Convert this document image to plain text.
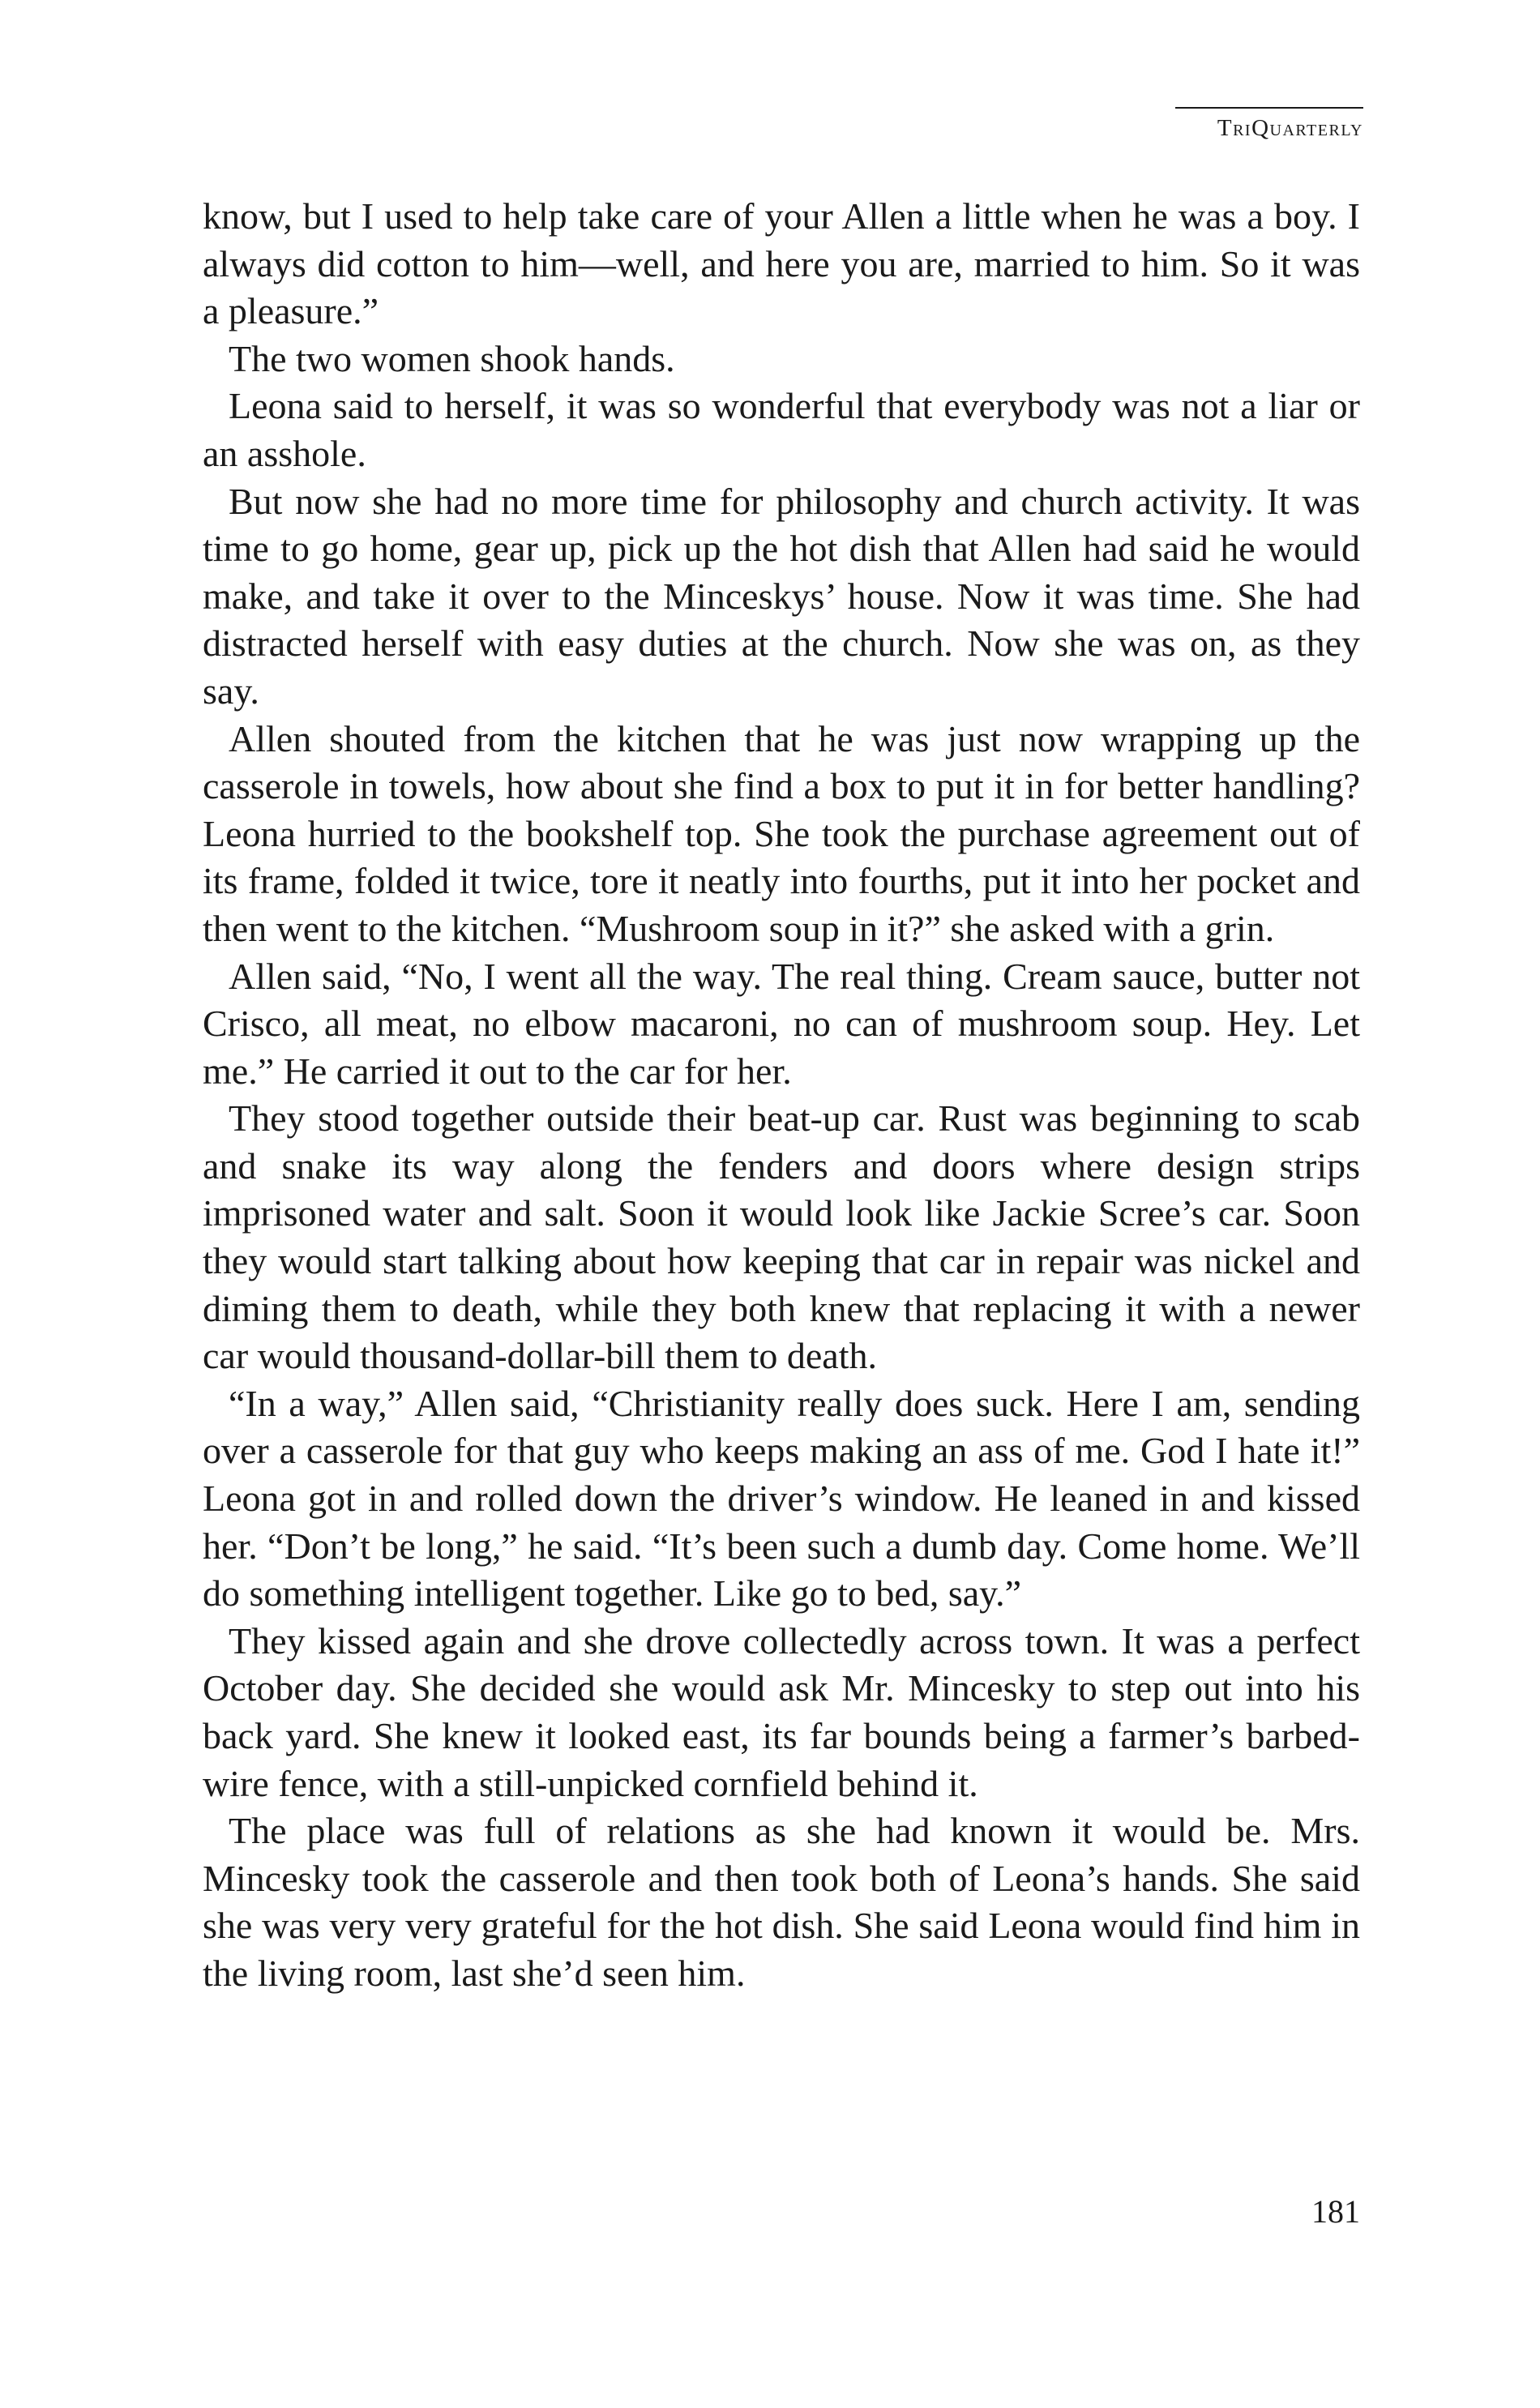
TriQuarterly

know, but I used to help take care of your Allen a little when he was a boy. I always did cotton to him—well, and here you are, married to him. So it was a pleasure.”

The two women shook hands.

Leona said to herself, it was so wonderful that everybody was not a liar or an asshole.

But now she had no more time for philosophy and church activity. It was time to go home, gear up, pick up the hot dish that Allen had said he would make, and take it over to the Minceskys’ house. Now it was time. She had distracted herself with easy duties at the church. Now she was on, as they say.

Allen shouted from the kitchen that he was just now wrapping up the casserole in towels, how about she find a box to put it in for better handling? Leona hurried to the bookshelf top. She took the purchase agreement out of its frame, folded it twice, tore it neatly into fourths, put it into her pocket and then went to the kitchen. “Mushroom soup in it?” she asked with a grin.

Allen said, “No, I went all the way. The real thing. Cream sauce, butter not Crisco, all meat, no elbow macaroni, no can of mushroom soup. Hey. Let me.” He carried it out to the car for her.

They stood together outside their beat-up car. Rust was beginning to scab and snake its way along the fenders and doors where design strips imprisoned water and salt. Soon it would look like Jackie Scree’s car. Soon they would start talking about how keeping that car in repair was nickel and diming them to death, while they both knew that replacing it with a newer car would thousand-dollar-bill them to death.

“In a way,” Allen said, “Christianity really does suck. Here I am, sending over a casserole for that guy who keeps making an ass of me. God I hate it!” Leona got in and rolled down the driver’s window. He leaned in and kissed her. “Don’t be long,” he said. “It’s been such a dumb day. Come home. We’ll do something intelligent together. Like go to bed, say.”

They kissed again and she drove collectedly across town. It was a perfect October day. She decided she would ask Mr. Mincesky to step out into his back yard. She knew it looked east, its far bounds being a farmer’s barbed-wire fence, with a still-unpicked cornfield behind it.

The place was full of relations as she had known it would be. Mrs. Mincesky took the casserole and then took both of Leona’s hands. She said she was very very grateful for the hot dish. She said Leona would find him in the living room, last she’d seen him.

181
